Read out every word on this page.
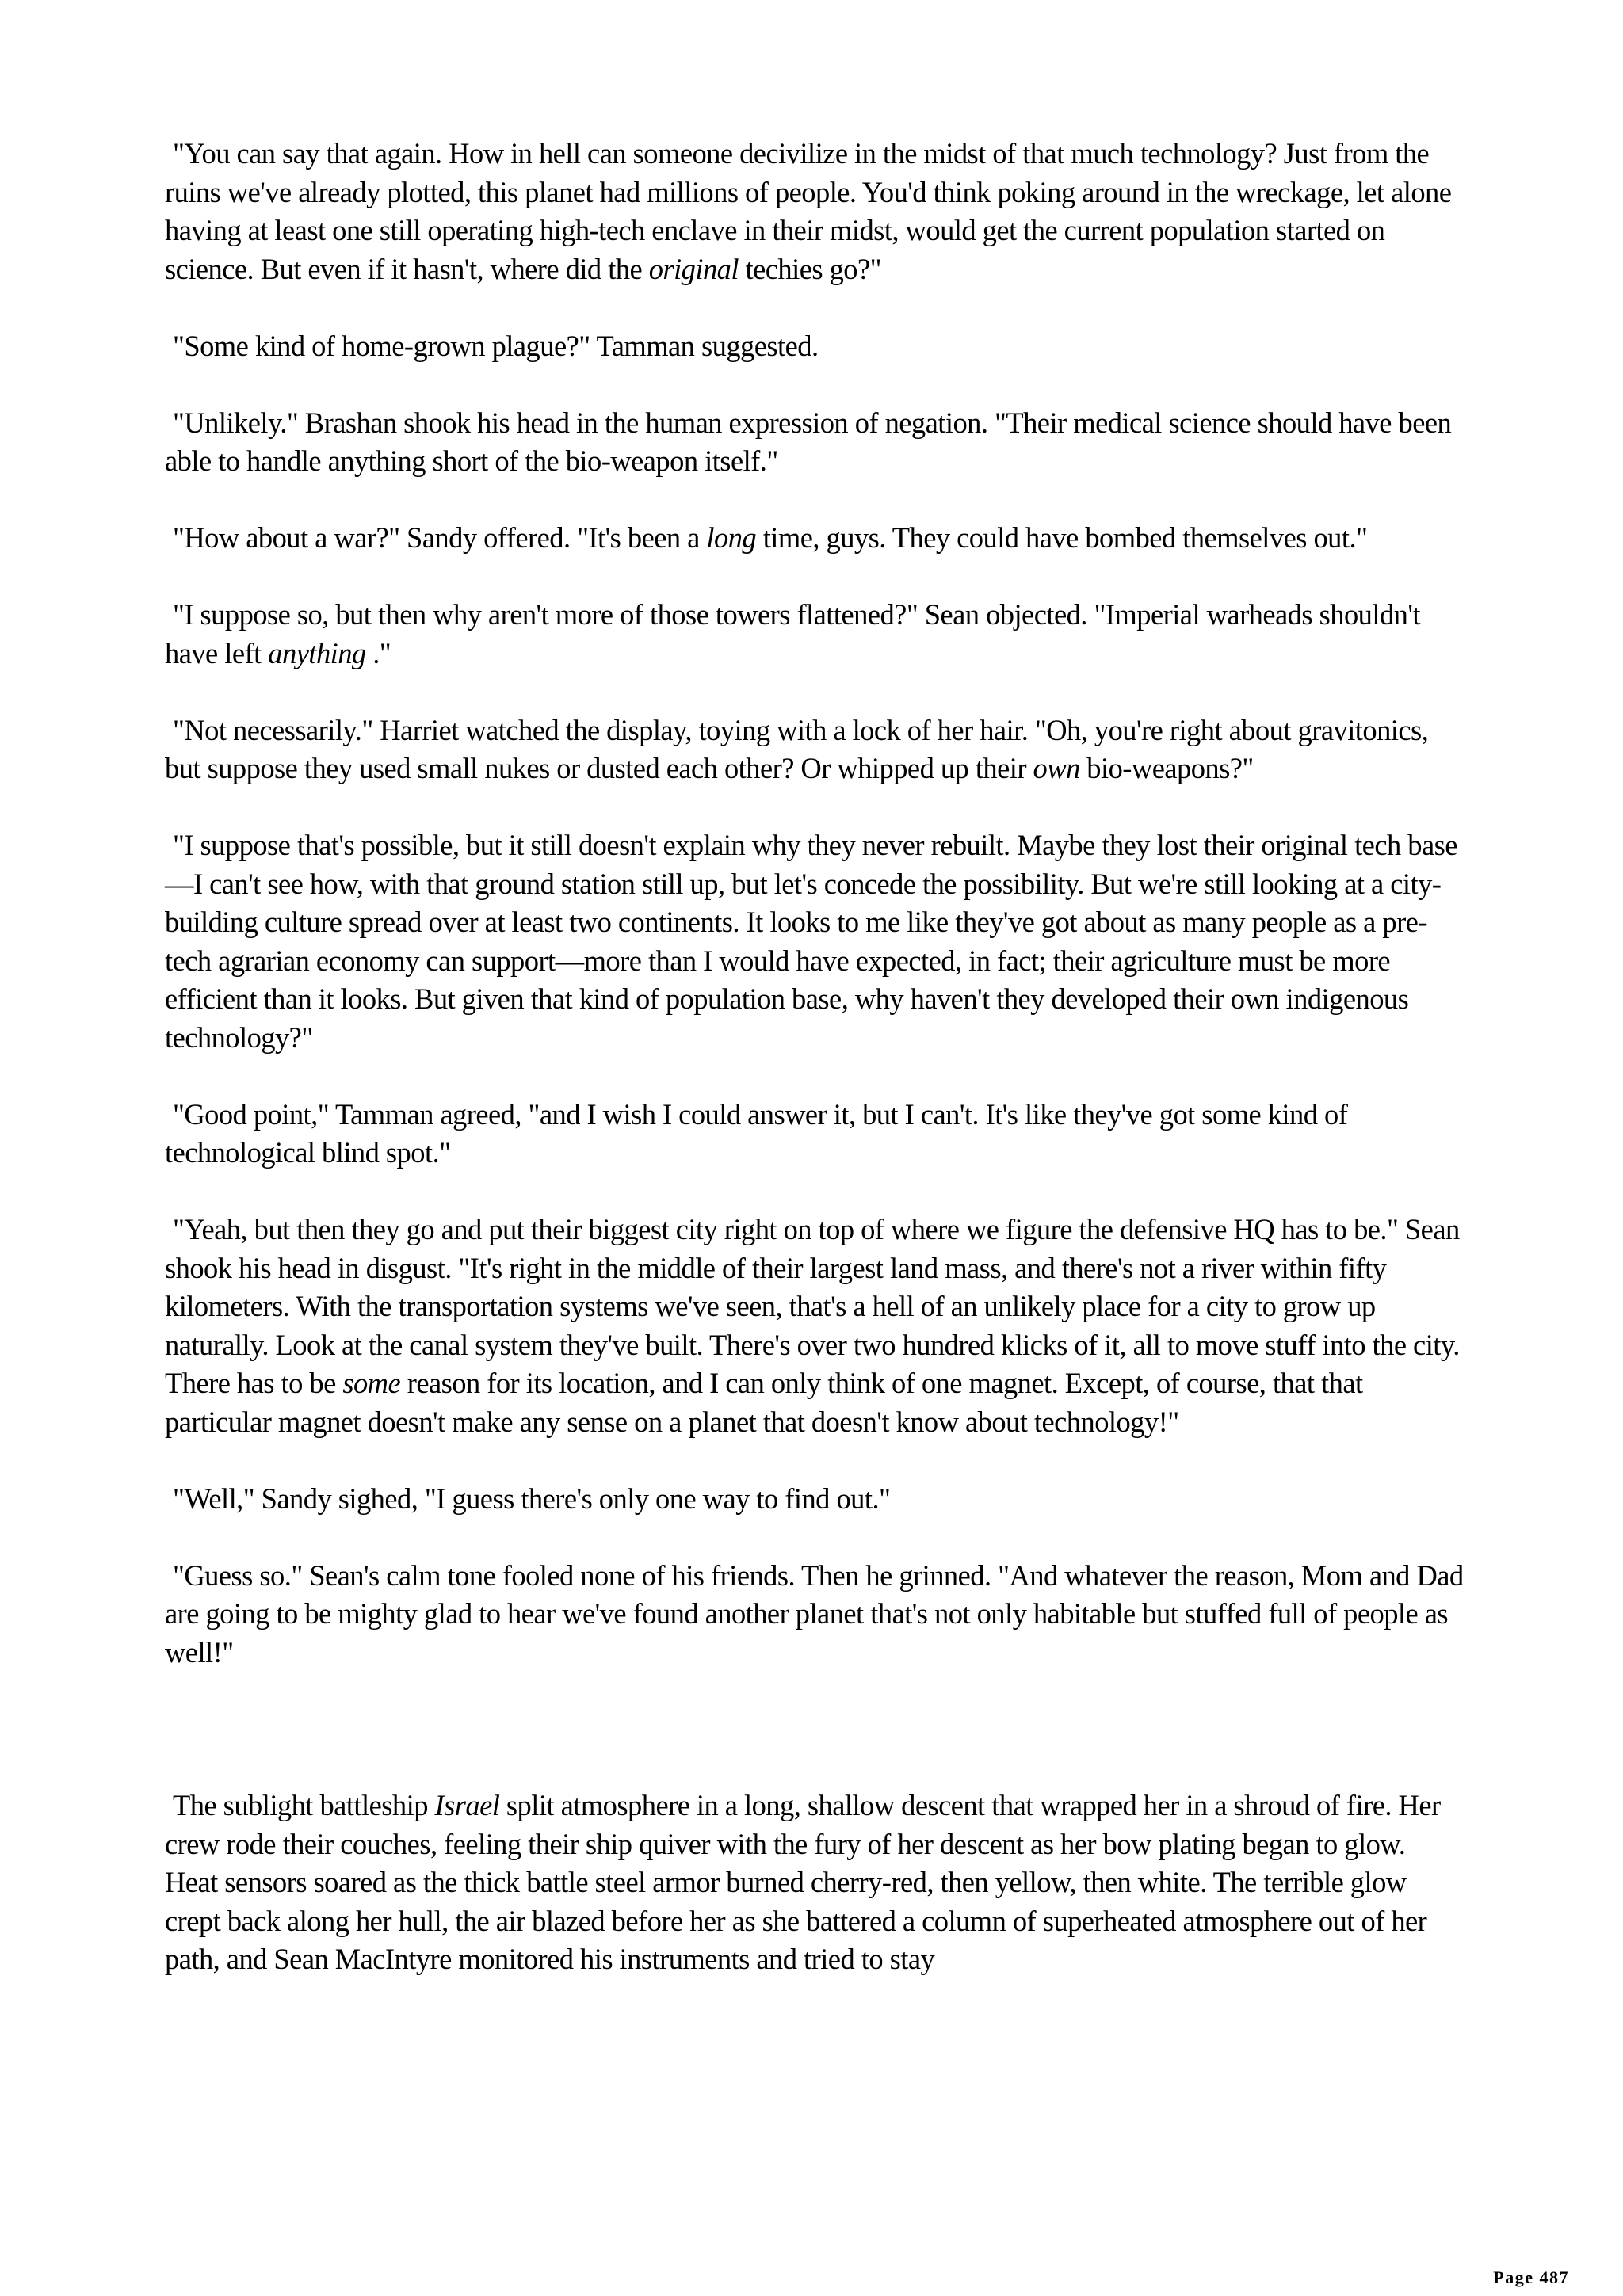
"You can say that again. How in hell can someone decivilize in the midst of that much technology? Just from the ruins we've already plotted, this planet had millions of people. You'd think poking around in the wreckage, let alone having at least one still operating high-tech enclave in their midst, would get the current population started on science. But even if it hasn't, where did the original techies go?"

"Some kind of home-grown plague?" Tamman suggested.

"Unlikely." Brashan shook his head in the human expression of negation. "Their medical science should have been able to handle anything short of the bio-weapon itself."

"How about a war?" Sandy offered. "It's been a long time, guys. They could have bombed themselves out."

"I suppose so, but then why aren't more of those towers flattened?" Sean objected. "Imperial warheads shouldn't have left anything ."

"Not necessarily." Harriet watched the display, toying with a lock of her hair. "Oh, you're right about gravitonics, but suppose they used small nukes or dusted each other? Or whipped up their own bio-weapons?"

"I suppose that's possible, but it still doesn't explain why they never rebuilt. Maybe they lost their original tech base—I can't see how, with that ground station still up, but let's concede the possibility. But we're still looking at a city-building culture spread over at least two continents. It looks to me like they've got about as many people as a pre-tech agrarian economy can support—more than I would have expected, in fact; their agriculture must be more efficient than it looks. But given that kind of population base, why haven't they developed their own indigenous technology?"

"Good point," Tamman agreed, "and I wish I could answer it, but I can't. It's like they've got some kind of technological blind spot."

"Yeah, but then they go and put their biggest city right on top of where we figure the defensive HQ has to be." Sean shook his head in disgust. "It's right in the middle of their largest land mass, and there's not a river within fifty kilometers. With the transportation systems we've seen, that's a hell of an unlikely place for a city to grow up naturally. Look at the canal system they've built. There's over two hundred klicks of it, all to move stuff into the city. There has to be some reason for its location, and I can only think of one magnet. Except, of course, that that particular magnet doesn't make any sense on a planet that doesn't know about technology!"

"Well," Sandy sighed, "I guess there's only one way to find out."

"Guess so." Sean's calm tone fooled none of his friends. Then he grinned. "And whatever the reason, Mom and Dad are going to be mighty glad to hear we've found another planet that's not only habitable but stuffed full of people as well!"

The sublight battleship Israel split atmosphere in a long, shallow descent that wrapped her in a shroud of fire. Her crew rode their couches, feeling their ship quiver with the fury of her descent as her bow plating began to glow. Heat sensors soared as the thick battle steel armor burned cherry-red, then yellow, then white. The terrible glow crept back along her hull, the air blazed before her as she battered a column of superheated atmosphere out of her path, and Sean MacIntyre monitored his instruments and tried to stay

Page 487
